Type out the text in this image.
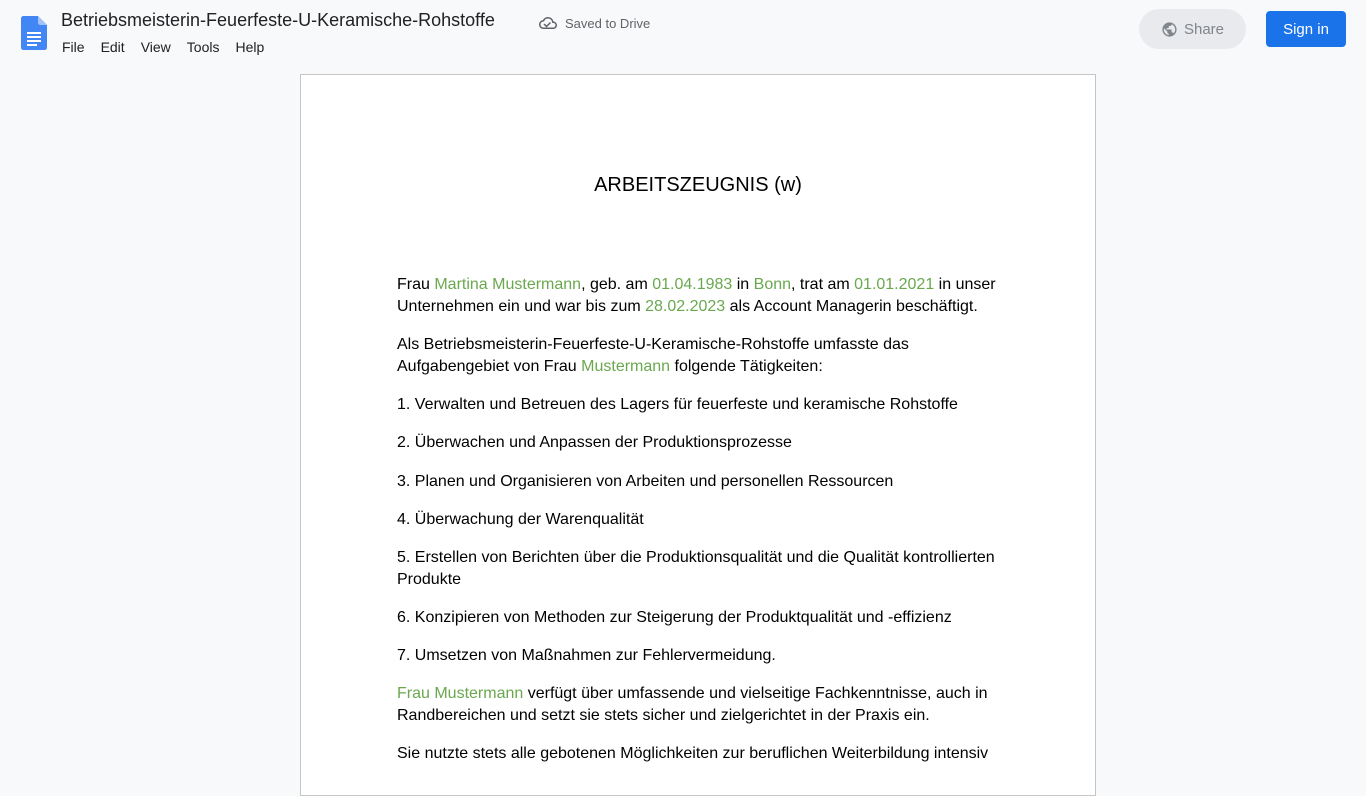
Betriebsmeisterin-Feuerfeste-U-Keramische-Rohstoffe	Saved to Drive
File	Edit	View	Tools	Help
Share	Sign in
ARBEITSZEUGNIS (w)

Frau Martina Mustermann, geb. am 01.04.1983 in Bonn, trat am 01.01.2021 in unser Unternehmen ein und war bis zum 28.02.2023 als Account Managerin beschäftigt.

Als Betriebsmeisterin-Feuerfeste-U-Keramische-Rohstoffe umfasste das Aufgabengebiet von Frau Mustermann folgende Tätigkeiten:

1. Verwalten und Betreuen des Lagers für feuerfeste und keramische Rohstoffe

2. Überwachen und Anpassen der Produktionsprozesse

3. Planen und Organisieren von Arbeiten und personellen Ressourcen

4. Überwachung der Warenqualität

5. Erstellen von Berichten über die Produktionsqualität und die Qualität kontrollierten Produkte

6. Konzipieren von Methoden zur Steigerung der Produktqualität und -effizienz

7. Umsetzen von Maßnahmen zur Fehlervermeidung.

Frau Mustermann verfügt über umfassende und vielseitige Fachkenntnisse, auch in Randbereichen und setzt sie stets sicher und zielgerichtet in der Praxis ein.

Sie nutzte stets alle gebotenen Möglichkeiten zur beruflichen Weiterbildung intensiv
